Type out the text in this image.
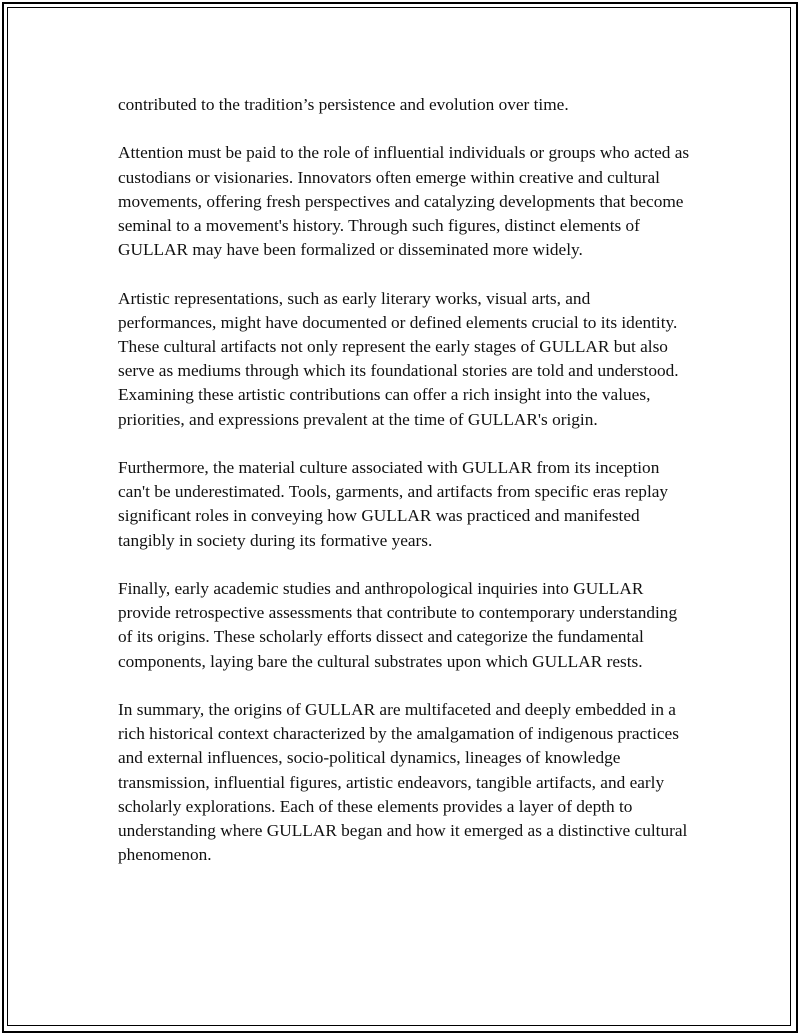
contributed to the tradition’s persistence and evolution over time.

Attention must be paid to the role of influential individuals or groups who acted as custodians or visionaries. Innovators often emerge within creative and cultural movements, offering fresh perspectives and catalyzing developments that become seminal to a movement's history. Through such figures, distinct elements of GULLAR may have been formalized or disseminated more widely.

Artistic representations, such as early literary works, visual arts, and performances, might have documented or defined elements crucial to its identity. These cultural artifacts not only represent the early stages of GULLAR but also serve as mediums through which its foundational stories are told and understood. Examining these artistic contributions can offer a rich insight into the values, priorities, and expressions prevalent at the time of GULLAR's origin.

Furthermore, the material culture associated with GULLAR from its inception can't be underestimated. Tools, garments, and artifacts from specific eras replay significant roles in conveying how GULLAR was practiced and manifested tangibly in society during its formative years.

Finally, early academic studies and anthropological inquiries into GULLAR provide retrospective assessments that contribute to contemporary understanding of its origins. These scholarly efforts dissect and categorize the fundamental components, laying bare the cultural substrates upon which GULLAR rests.

In summary, the origins of GULLAR are multifaceted and deeply embedded in a rich historical context characterized by the amalgamation of indigenous practices and external influences, socio-political dynamics, lineages of knowledge transmission, influential figures, artistic endeavors, tangible artifacts, and early scholarly explorations. Each of these elements provides a layer of depth to understanding where GULLAR began and how it emerged as a distinctive cultural phenomenon.
